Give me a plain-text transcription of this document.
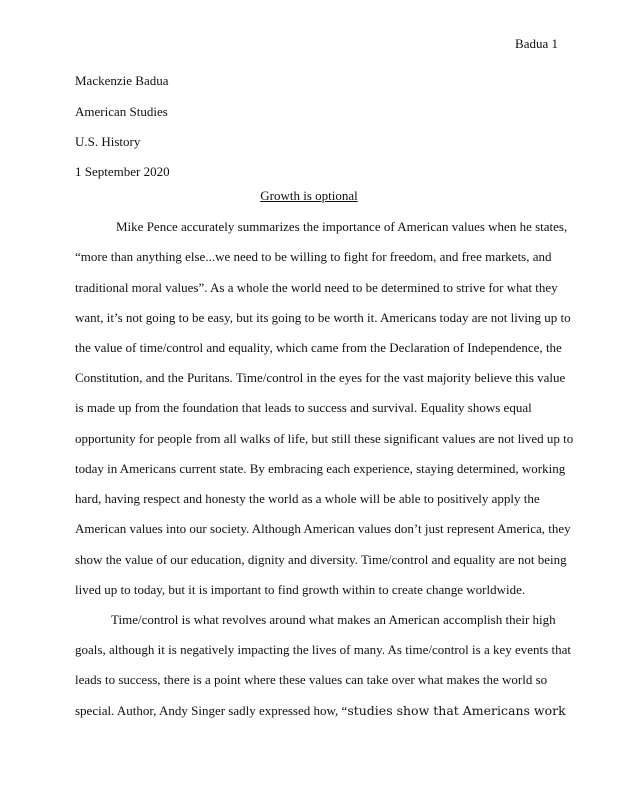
Badua 1
Mackenzie Badua
American Studies
U.S. History
1 September 2020
Growth is optional
Mike Pence accurately summarizes the importance of American values when he states,
“more than anything else...we need to be willing to fight for freedom, and free markets, and
traditional moral values”. As a whole the world need to be determined to strive for what they
want, it’s not going to be easy, but its going to be worth it. Americans today are not living up to
the value of time/control and equality, which came from the Declaration of Independence, the
Constitution, and the Puritans. Time/control in the eyes for the vast majority believe this value
is made up from the foundation that leads to success and survival. Equality shows equal
opportunity for people from all walks of life, but still these significant values are not lived up to
today in Americans current state. By embracing each experience, staying determined, working
hard, having respect and honesty the world as a whole will be able to positively apply the
American values into our society. Although American values don’t just represent America, they
show the value of our education, dignity and diversity. Time/control and equality are not being
lived up to today, but it is important to find growth within to create change worldwide.
Time/control is what revolves around what makes an American accomplish their high
goals, although it is negatively impacting the lives of many. As time/control is a key events that
leads to success, there is a point where these values can take over what makes the world so
special. Author, Andy Singer sadly expressed how, “studies show that Americans work
